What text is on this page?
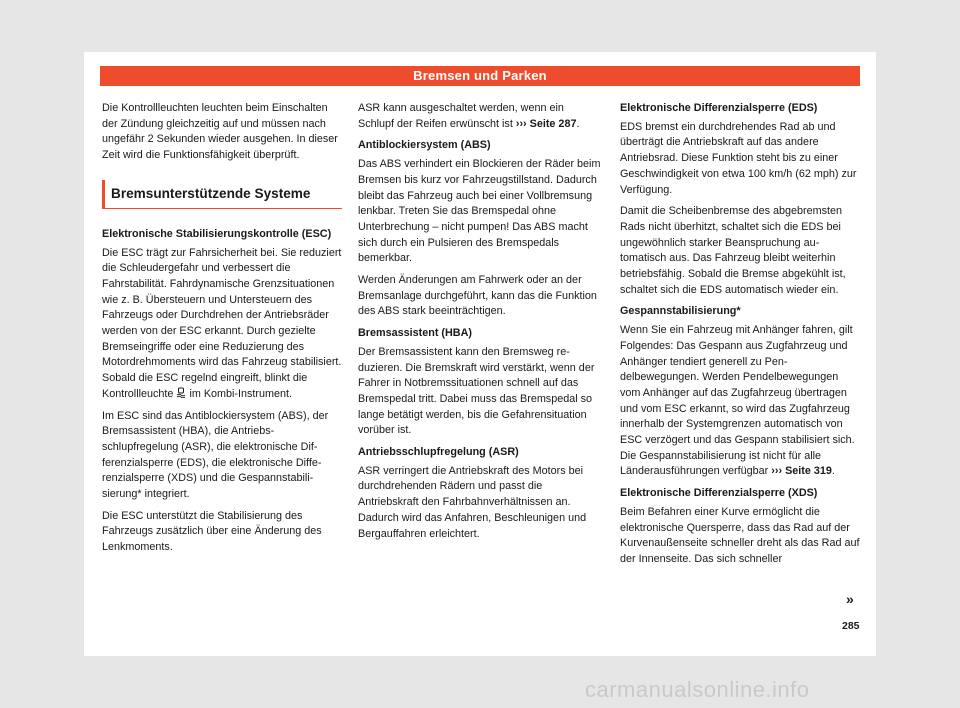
Bremsen und Parken

Die Kontrollleuchten leuchten beim Einschalten der Zündung gleichzeitig auf und müssen nach ungefähr 2 Sekunden wieder ausgehen. In dieser Zeit wird die Funktionsfähigkeit überprüft.

Bremsunterstützende Systeme

Elektronische Stabilisierungskontrolle (ESC)

Die ESC trägt zur Fahrsicherheit bei. Sie reduziert die Schleudergefahr und verbessert die Fahrstabilität. Fahrdynamische Grenzsituationen wie z. B. Übersteuern und Untersteuern des Fahrzeugs oder Durchdrehen der Antriebsräder werden von der ESC erkannt. Durch gezielte Bremseingriffe oder eine Reduzierung des Motordrehmoments wird das Fahrzeug stabilisiert. Sobald die ESC regelnd eingreift, blinkt die Kontrollleuchte im Kombi-Instrument.

Im ESC sind das Antiblockiersystem (ABS), der Bremsassistent (HBA), die Antriebsschlupfregelung (ASR), die elektronische Differenzialsperre (EDS), die elektronische Differenzialsperre (XDS) und die Gespannstabilisierung* integriert.

Die ESC unterstützt die Stabilisierung des Fahrzeugs zusätzlich über eine Änderung des Lenkmoments.

ASR kann ausgeschaltet werden, wenn ein Schlupf der Reifen erwünscht ist ››› Seite 287.

Antiblockiersystem (ABS)

Das ABS verhindert ein Blockieren der Räder beim Bremsen bis kurz vor Fahrzeugstillstand. Dadurch bleibt das Fahrzeug auch bei einer Vollbremsung lenkbar. Treten Sie das Bremspedal ohne Unterbrechung – nicht pumpen! Das ABS macht sich durch ein Pulsieren des Bremspedals bemerkbar.

Werden Änderungen am Fahrwerk oder an der Bremsanlage durchgeführt, kann das die Funktion des ABS stark beeinträchtigen.

Bremsassistent (HBA)

Der Bremsassistent kann den Bremsweg reduzieren. Die Bremskraft wird verstärkt, wenn der Fahrer in Notbremssituationen schnell auf das Bremspedal tritt. Dabei muss das Bremspedal so lange betätigt werden, bis die Gefahrensituation vorüber ist.

Antriebsschlupfregelung (ASR)

ASR verringert die Antriebskraft des Motors bei durchdrehenden Rädern und passt die Antriebskraft den Fahrbahnverhältnissen an. Dadurch wird das Anfahren, Beschleunigen und Bergauffahren erleichtert.

Elektronische Differenzialsperre (EDS)

EDS bremst ein durchdrehendes Rad ab und überträgt die Antriebskraft auf das andere Antriebsrad. Diese Funktion steht bis zu einer Geschwindigkeit von etwa 100 km/h (62 mph) zur Verfügung.

Damit die Scheibenbremse des abgebremsten Rads nicht überhitzt, schaltet sich die EDS bei ungewöhnlich starker Beanspruchung automatisch aus. Das Fahrzeug bleibt weiterhin betriebsfähig. Sobald die Bremse abgekühlt ist, schaltet sich die EDS automatisch wieder ein.

Gespannstabilisierung*

Wenn Sie ein Fahrzeug mit Anhänger fahren, gilt Folgendes: Das Gespann aus Zugfahrzeug und Anhänger tendiert generell zu Pendelbewegungen. Werden Pendelbewegungen vom Anhänger auf das Zugfahrzeug übertragen und vom ESC erkannt, so wird das Zugfahrzeug innerhalb der Systemgrenzen automatisch von ESC verzögert und das Gespann stabilisiert sich. Die Gespannstabilisierung ist nicht für alle Länderausführungen verfügbar ››› Seite 319.

Elektronische Differenzialsperre (XDS)

Beim Befahren einer Kurve ermöglicht die elektronische Quersperre, dass das Rad auf der Kurvenaußenseite schneller dreht als das Rad auf der Innenseite. Das sich schneller

»
285
carmanualsonline.info
